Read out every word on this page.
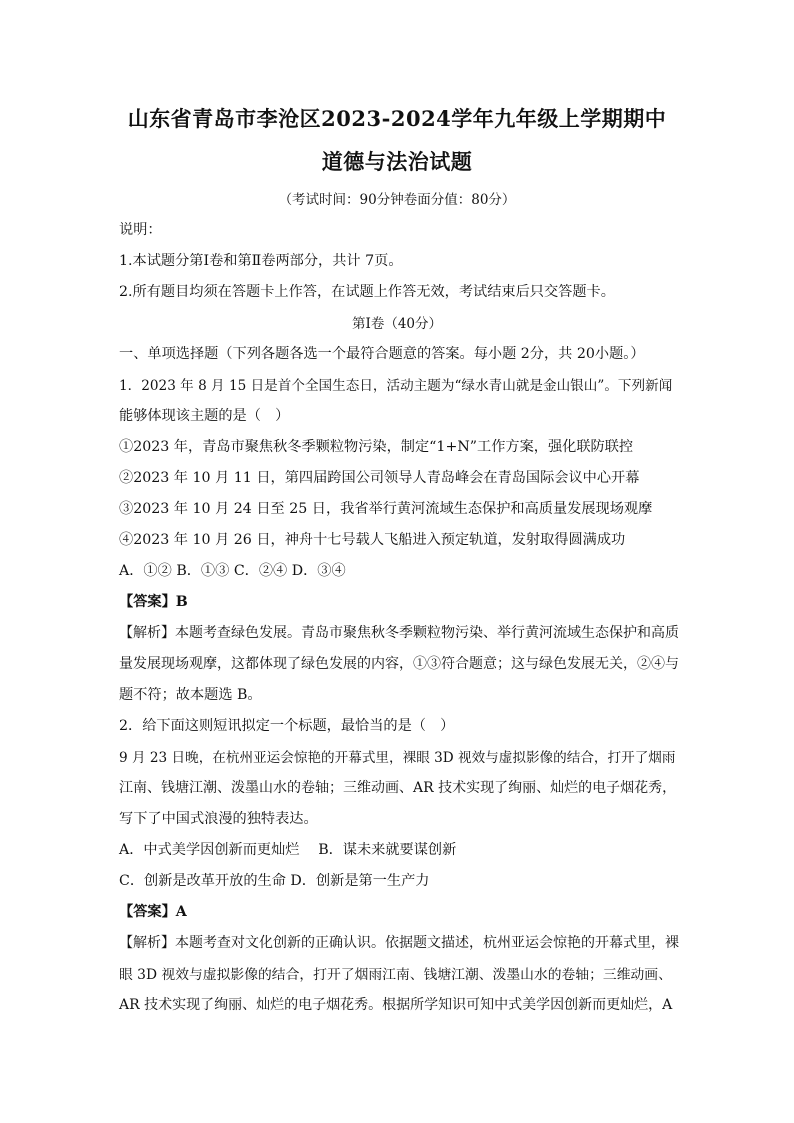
山东省青岛市李沧区2023-2024学年九年级上学期期中
道德与法治试题
（考试时间：90分钟卷面分值：80分）
说明：
1.本试题分第Ⅰ卷和第Ⅱ卷两部分，共计 7页。
2.所有题目均须在答题卡上作答，在试题上作答无效，考试结束后只交答题卡。
第Ⅰ卷（40分）
一、单项选择题（下列各题各选一个最符合题意的答案。每小题 2分，共 20小题。）
1．2023 年 8 月 15 日是首个全国生态日，活动主题为“绿水青山就是金山银山”。下列新闻
能够体现该主题的是（　）
①2023 年，青岛市聚焦秋冬季颗粒物污染，制定“1+N”工作方案，强化联防联控
②2023 年 10 月 11 日，第四届跨国公司领导人青岛峰会在青岛国际会议中心开幕
③2023 年 10 月 24 日至 25 日，我省举行黄河流域生态保护和高质量发展现场观摩
④2023 年 10 月 26 日，神舟十七号载人飞船进入预定轨道，发射取得圆满成功
A．①② B．①③ C．②④ D．③④
【答案】B
【解析】本题考查绿色发展。青岛市聚焦秋冬季颗粒物污染、举行黄河流域生态保护和高质
量发展现场观摩，这都体现了绿色发展的内容，①③符合题意；这与绿色发展无关，②④与
题不符；故本题选 B。
2．给下面这则短讯拟定一个标题，最恰当的是（　）
9 月 23 日晚，在杭州亚运会惊艳的开幕式里，裸眼 3D 视效与虚拟影像的结合，打开了烟雨
江南、钱塘江潮、泼墨山水的卷轴；三维动画、AR 技术实现了绚丽、灿烂的电子烟花秀，
写下了中国式浪漫的独特表达。
A．中式美学因创新而更灿烂　 B．谋未来就要谋创新
C．创新是改革开放的生命 D．创新是第一生产力
【答案】A
【解析】本题考查对文化创新的正确认识。依据题文描述，杭州亚运会惊艳的开幕式里，裸
眼 3D 视效与虚拟影像的结合，打开了烟雨江南、钱塘江潮、泼墨山水的卷轴；三维动画、
AR 技术实现了绚丽、灿烂的电子烟花秀。根据所学知识可知中式美学因创新而更灿烂，A
